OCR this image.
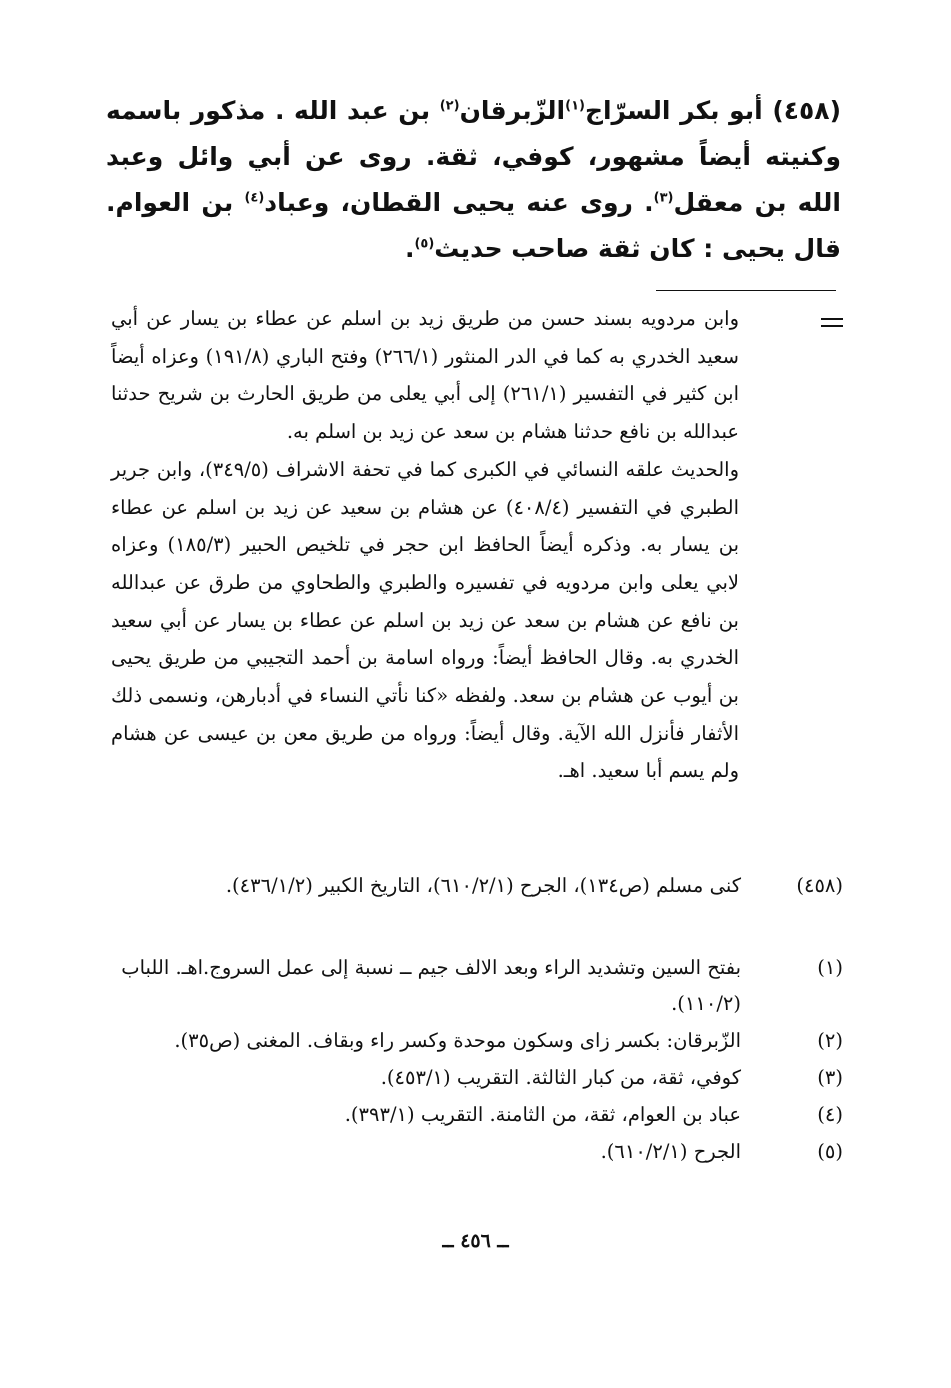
(٤٥٨) أبو بكر السرّاج$^{(١)}$الزّبرقان$^{(٢)}$ بن عبد الله . مذكور باسمه وكنيته أيضاً مشهور، كوفي، ثقة. روى عن أبي وائل وعبد الله بن معقل$^{(٣)}$. روى عنه يحيى القطان، وعباد$^{(٤)}$ بن العوام. قال يحيى : كان ثقة صاحب حديث$^{(٥)}$.

وابن مردويه بسند حسن من طريق زيد بن اسلم عن عطاء بن يسار عن أبي سعيد الخدري به كما في الدر المنثور (٢٦٦/١) وفتح الباري (١٩١/٨) وعزاه أيضاً ابن كثير في التفسير (٢٦١/١) إلى أبي يعلى من طريق الحارث بن شريح حدثنا عبدالله بن نافع حدثنا هشام بن سعد عن زيد بن اسلم به.

والحديث علقه النسائي في الكبرى كما في تحفة الاشراف (٣٤٩/٥)، وابن جرير الطبري في التفسير (٤٠٨/٤) عن هشام بن سعيد عن زيد بن اسلم عن عطاء بن يسار به. وذكره أيضاً الحافظ ابن حجر في تلخيص الحبير (١٨٥/٣) وعزاه لابي يعلى وابن مردويه في تفسيره والطبري والطحاوي من طرق عن عبدالله بن نافع عن هشام بن سعد عن زيد بن اسلم عن عطاء بن يسار عن أبي سعيد الخدري به. وقال الحافظ أيضاً: ورواه اسامة بن أحمد التجيبي من طريق يحيى بن أيوب عن هشام بن سعد. ولفظه «كنا نأتي النساء في أدبارهن، ونسمى ذلك الأثفار فأنزل الله الآية. وقال أيضاً: ورواه من طريق معن بن عيسى عن هشام ولم يسم أبا سعيد. اهـ.

(٤٥٨)
كنى مسلم (ص١٣٤)، الجرح (٦١٠/٢/١)، التاريخ الكبير (٤٣٦/١/٢).
(١)
بفتح السين وتشديد الراء وبعد الالف جيم ــ نسبة إلى عمل السروج.اهـ. اللباب (١١٠/٢).
(٢)
الزّبرقان: بكسر زاى وسكون موحدة وكسر راء وبقاف. المغنى (ص٣٥).
(٣)
كوفي، ثقة، من كبار الثالثة. التقريب (٤٥٣/١).
(٤)
عباد بن العوام، ثقة، من الثامنة. التقريب (٣٩٣/١).
(٥)
الجرح (٦١٠/٢/١).
ــ ٤٥٦ ــ
